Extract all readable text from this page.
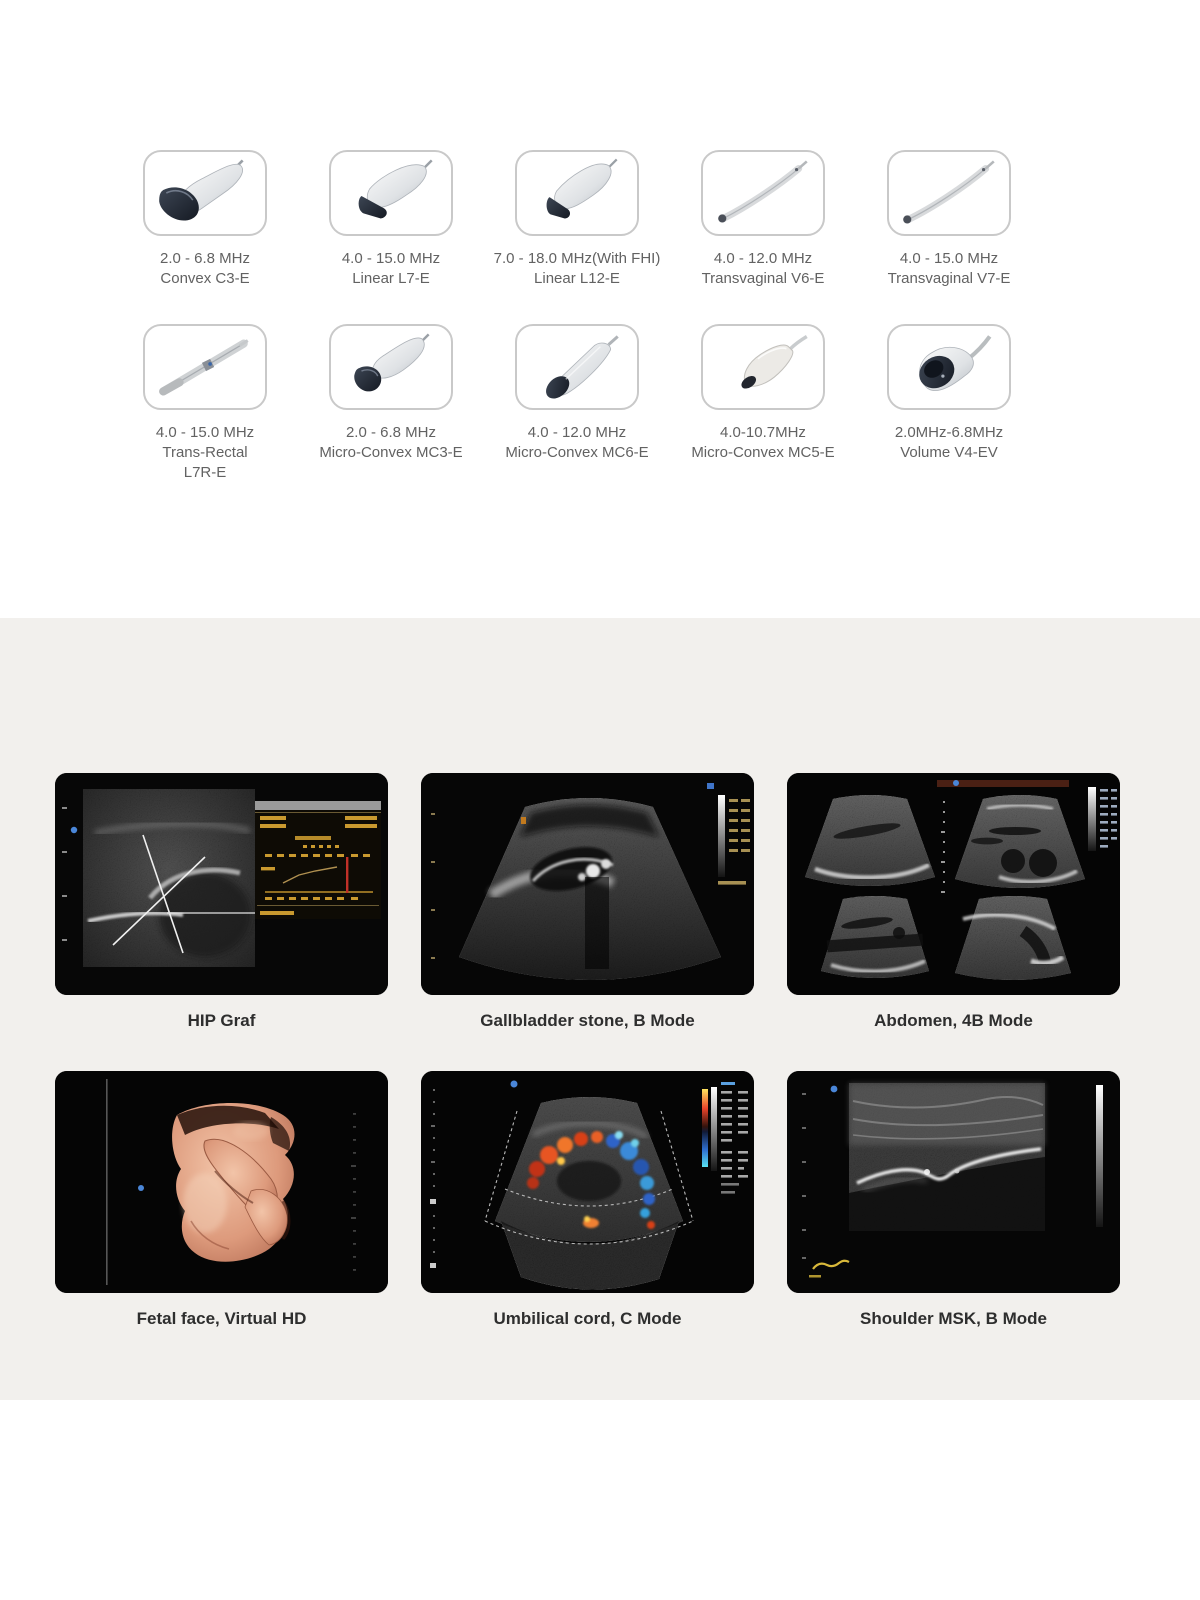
2.0 - 6.8 MHz
Convex C3-E
4.0 - 15.0 MHz
Linear L7-E
7.0 - 18.0 MHz(With FHI)
Linear L12-E
4.0 - 12.0 MHz
Transvaginal V6-E
4.0 - 15.0 MHz
Transvaginal V7-E
4.0 - 15.0 MHz
Trans-Rectal
L7R-E
2.0 - 6.8 MHz
Micro-Convex MC3-E
4.0 - 12.0 MHz
Micro-Convex MC6-E
4.0-10.7MHz
Micro-Convex MC5-E
2.0MHz-6.8MHz
Volume V4-EV
HIP Graf	Gallbladder stone, B Mode	Abdomen, 4B Mode
Fetal face, Virtual HD	Umbilical cord, C Mode	Shoulder MSK, B Mode
